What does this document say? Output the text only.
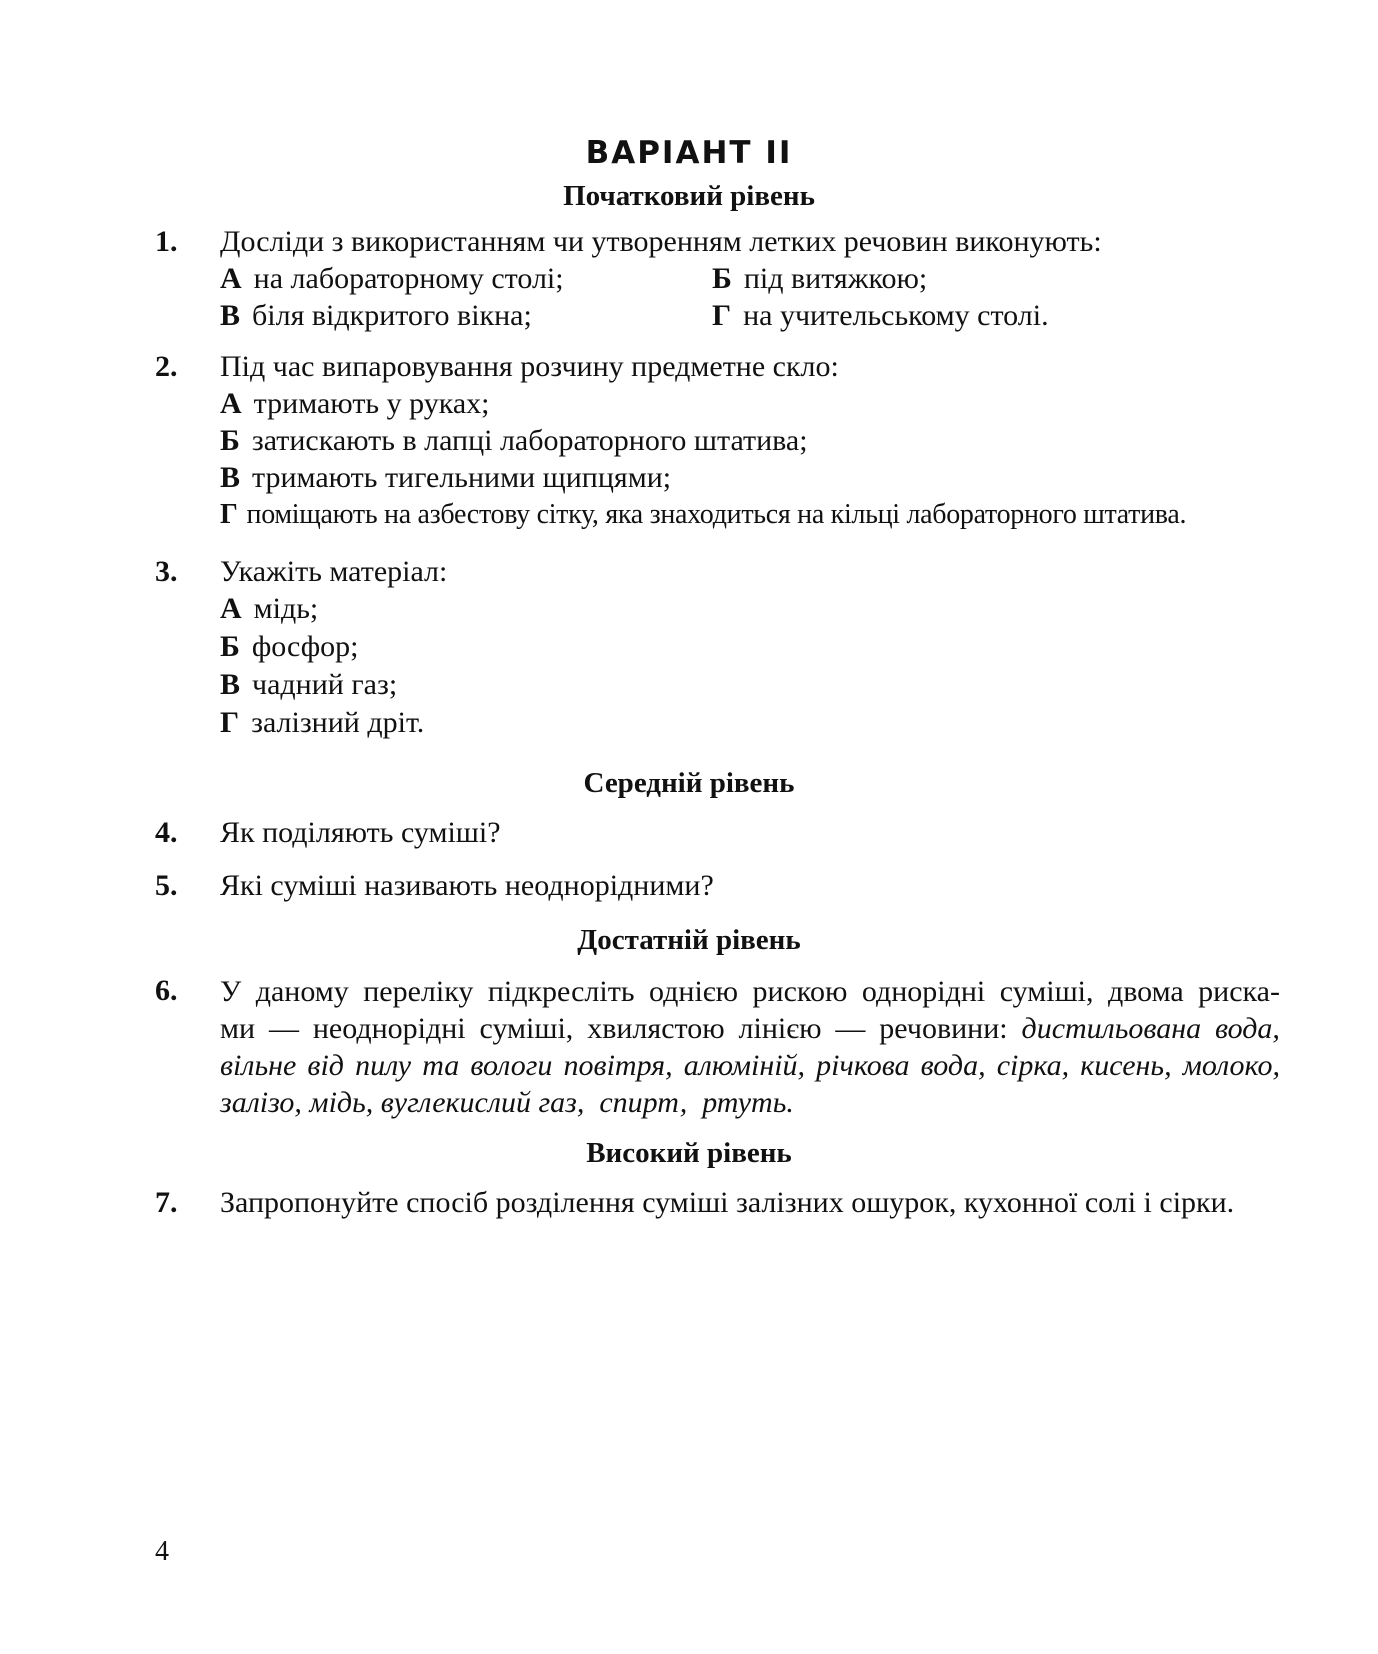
ВАРІАНТ ІІ
Початковий рівень
1. Досліди з використанням чи утворенням летких речовин виконують:
А на лабораторному столі;	Б під витяжкою;
В біля відкритого вікна;	Г на учительському столі.
2. Під час випаровування розчину предметне скло:
А тримають у руках;
Б затискають в лапці лабораторного штатива;
В тримають тигельними щипцями;
Г поміщають на азбестову сітку, яка знаходиться на кільці лабораторного штатива.
3. Укажіть матеріал:
А мідь;
Б фосфор;
В чадний газ;
Г залізний дріт.
Середній рівень
4. Як поділяють суміші?
5. Які суміші називають неоднорідними?
Достатній рівень
6. У даному переліку підкресліть однією рискою однорідні суміші, двома риска-
ми — неоднорідні суміші, хвилястою лінією — речовини: дистильована вода,
вільне від пилу та вологи повітря, алюміній, річкова вода, сірка, кисень, молоко,
залізо, мідь, вуглекислий газ,  спирт,  ртуть.
Високий рівень
7. Запропонуйте спосіб розділення суміші залізних ошурок, кухонної солі і сірки.
4
